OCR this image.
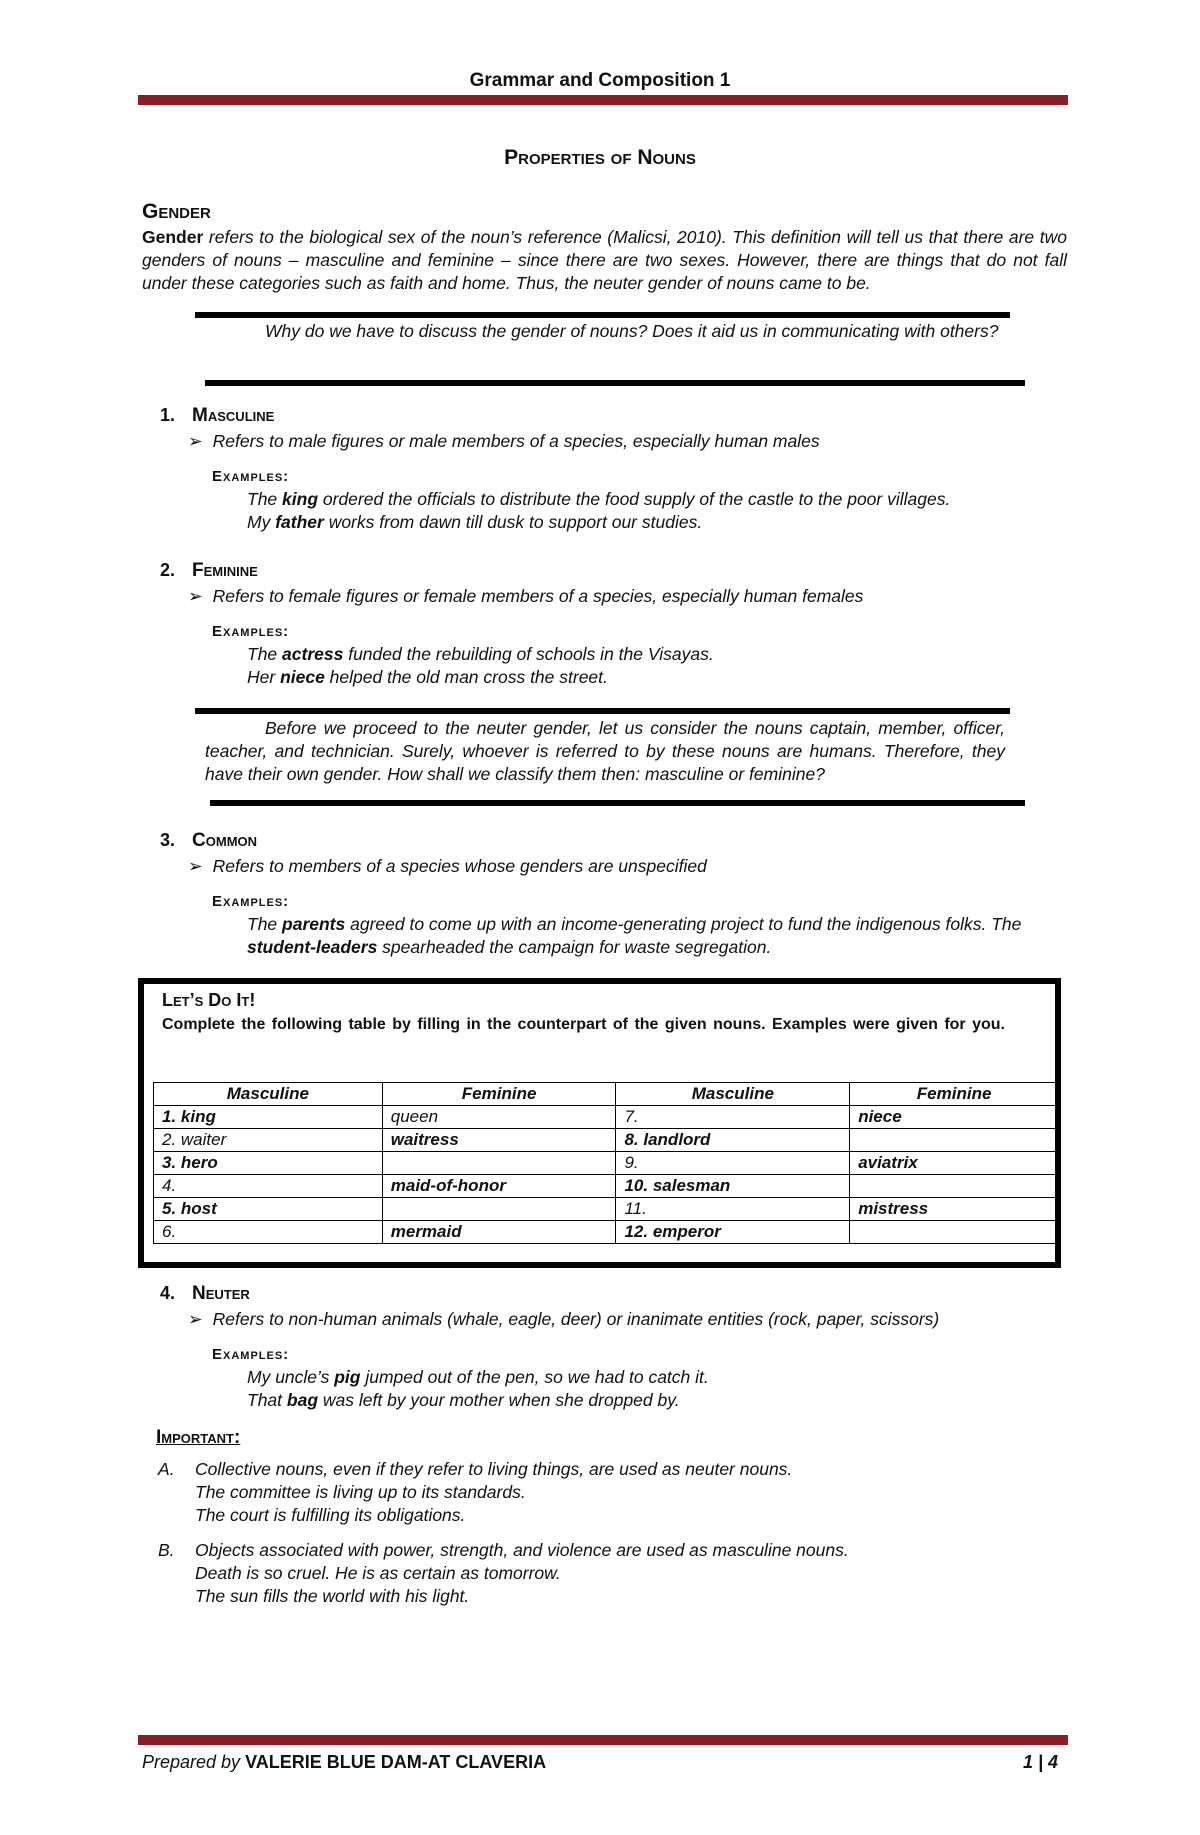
Grammar and Composition 1
Properties of Nouns
Gender
Gender refers to the biological sex of the noun’s reference (Malicsi, 2010). This definition will tell us that there are two genders of nouns – masculine and feminine – since there are two sexes. However, there are things that do not fall under these categories such as faith and home. Thus, the neuter gender of nouns came to be.
Why do we have to discuss the gender of nouns? Does it aid us in communicating with others?
1. Masculine
➢ Refers to male figures or male members of a species, especially human males
Examples:
The king ordered the officials to distribute the food supply of the castle to the poor villages.
My father works from dawn till dusk to support our studies.
2. Feminine
➢ Refers to female figures or female members of a species, especially human females
Examples:
The actress funded the rebuilding of schools in the Visayas.
Her niece helped the old man cross the street.
Before we proceed to the neuter gender, let us consider the nouns captain, member, officer, teacher, and technician. Surely, whoever is referred to by these nouns are humans. Therefore, they have their own gender. How shall we classify them then: masculine or feminine?
3. Common
➢ Refers to members of a species whose genders are unspecified
Examples:
The parents agreed to come up with an income-generating project to fund the indigenous folks. The student-leaders spearheaded the campaign for waste segregation.
Let’s Do It!
Complete the following table by filling in the counterpart of the given nouns. Examples were given for you.
Masculine	Feminine	Masculine	Feminine
1. king	queen	7.	niece
2. waiter	waitress	8. landlord	
3. hero		9.	aviatrix
4.	maid-of-honor	10. salesman	
5. host		11.	mistress
6.	mermaid	12. emperor	
4. Neuter
➢ Refers to non-human animals (whale, eagle, deer) or inanimate entities (rock, paper, scissors)
Examples:
My uncle’s pig jumped out of the pen, so we had to catch it.
That bag was left by your mother when she dropped by.
Important:
A. Collective nouns, even if they refer to living things, are used as neuter nouns.
The committee is living up to its standards.
The court is fulfilling its obligations.
B. Objects associated with power, strength, and violence are used as masculine nouns.
Death is so cruel. He is as certain as tomorrow.
The sun fills the world with his light.
Prepared by VALERIE BLUE DAM-AT CLAVERIA	1 | 4
